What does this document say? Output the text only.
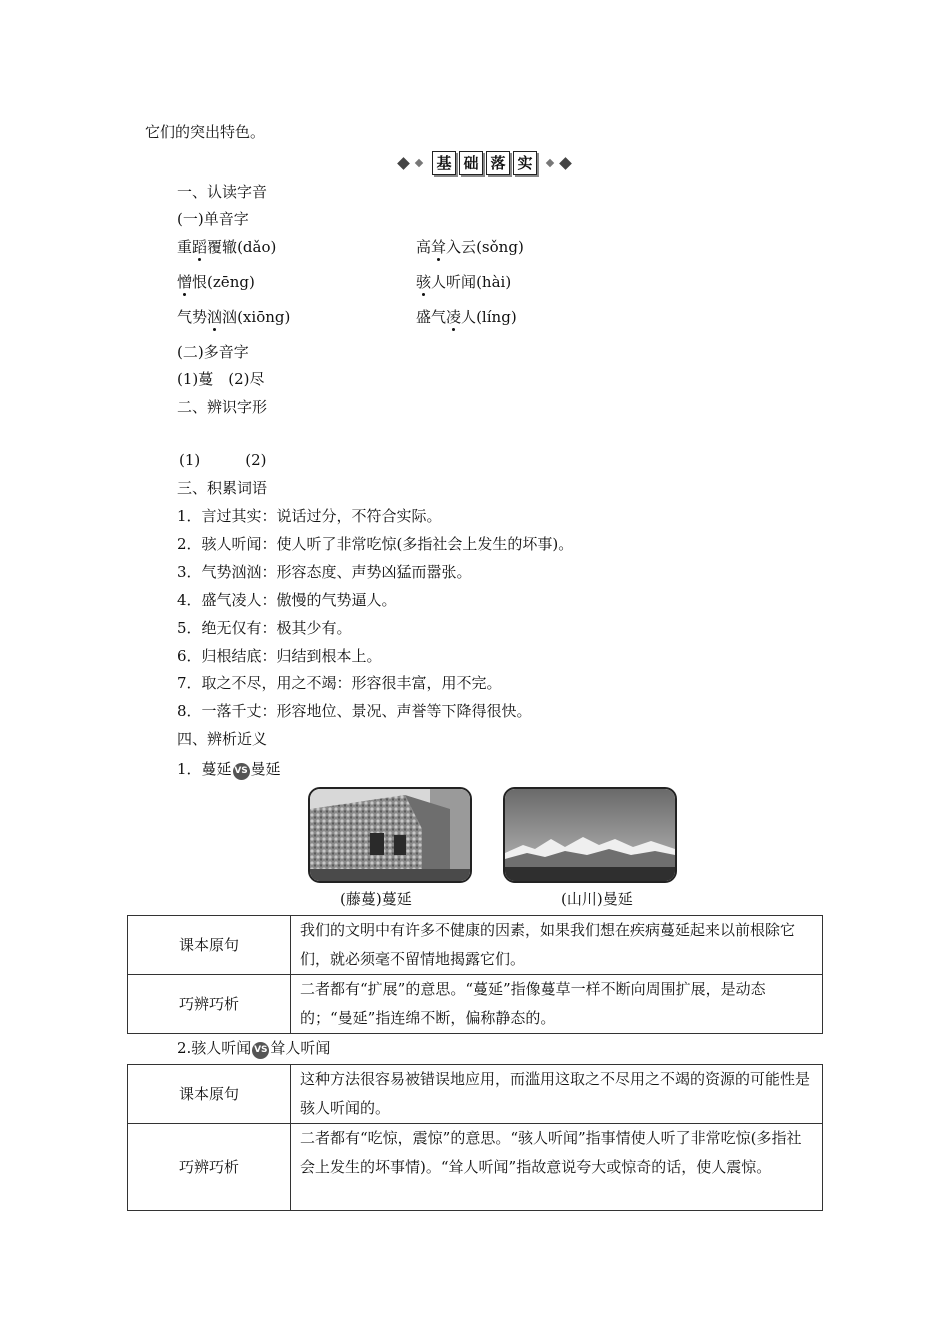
它们的突出特色。
基 础 落 实
一、认读字音
(一)单音字
重蹈覆辙(dǎo)	高耸入云(sǒng)
憎恨(zēng)	骇人听闻(hài)
气势汹汹(xiōng)	盛气凌人(líng)
(二)多音字
(1)蔓　(2)尽
二、辨识字形
(1)　　　(2)
三、积累词语
1．言过其实：说话过分，不符合实际。
2．骇人听闻：使人听了非常吃惊(多指社会上发生的坏事)。
3．气势汹汹：形容态度、声势凶猛而嚣张。
4．盛气凌人：傲慢的气势逼人。
5．绝无仅有：极其少有。
6．归根结底：归结到根本上。
7．取之不尽，用之不竭：形容很丰富，用不完。
8．一落千丈：形容地位、景况、声誉等下降得很快。
四、辨析近义
1．蔓延 VS 曼延
(藤蔓)蔓延	(山川)曼延
课本原句	我们的文明中有许多不健康的因素，如果我们想在疾病蔓延起来以前根除它们，就必须毫不留情地揭露它们。
巧辨巧析	二者都有“扩展”的意思。“蔓延”指像蔓草一样不断向周围扩展，是动态的；“曼延”指连绵不断，偏称静态的。
2.骇人听闻 VS 耸人听闻
课本原句	这种方法很容易被错误地应用，而滥用这取之不尽用之不竭的资源的可能性是骇人听闻的。
巧辨巧析	二者都有“吃惊，震惊”的意思。“骇人听闻”指事情使人听了非常吃惊(多指社会上发生的坏事情)。“耸人听闻”指故意说夸大或惊奇的话，使人震惊。
